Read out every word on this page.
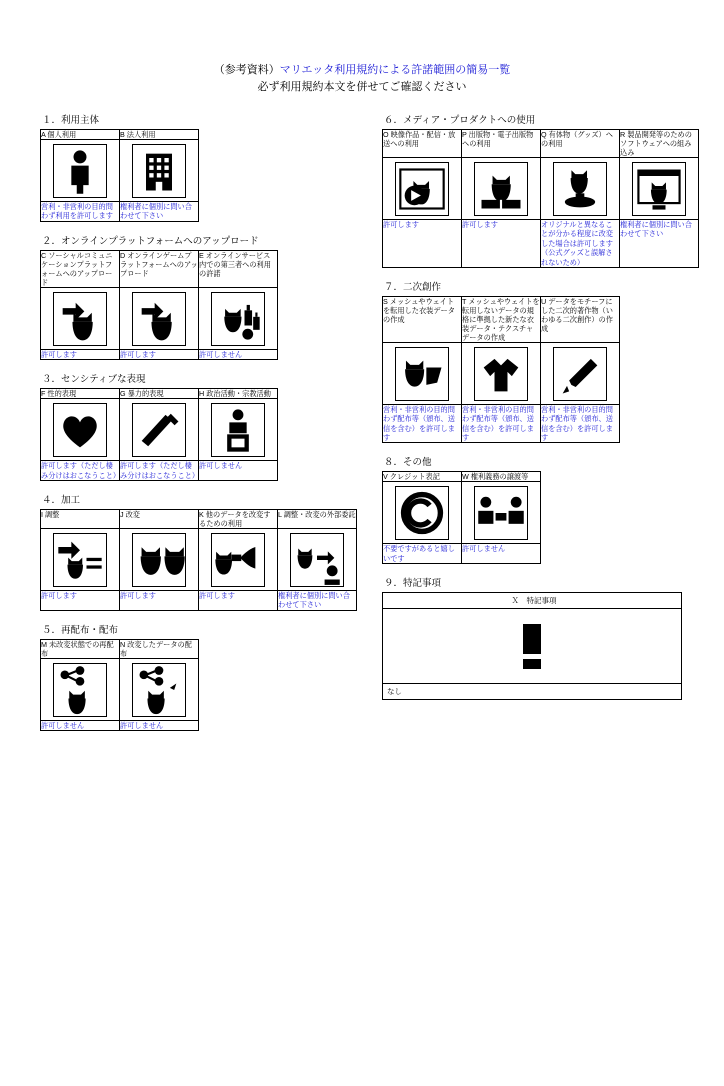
（参考資料）マリエッタ利用規約による許諾範囲の簡易一覧
必ず利用規約本文を併せてご確認ください
１．利用主体
A 個人利用	B 法人利用

営利・非営利の目的問わず利用を許可します	権利者に個別に問い合わせて下さい
２．オンラインプラットフォームへのアップロード
C ソーシャルコミュニケーションプラットフォームへのアップロード	D オンラインゲームプラットフォームへのアップロード	E オンラインサービス内での第三者への利用の許諾

許可します	許可します	許可しません
３．センシティブな表現
F 性的表現	G 暴力的表現	H 政治活動・宗教活動

許可します（ただし棲み分けはおこなうこと）	許可します（ただし棲み分けはおこなうこと）	許可しません
４．加工
I 調整	J 改変	K 他のデータを改変するための利用	L 調整・改変の外部委託

許可します	許可します	許可します	権利者に個別に問い合わせて下さい
５．再配布・配布
M 未改変状態での再配布	N 改変したデータの配布

許可しません	許可しません
６．メディア・プロダクトへの使用
O 映像作品・配信・放送への利用	P 出版物・電子出版物への利用	Q 有体物（グッズ）への利用	R 製品開発等のためのソフトウェアへの組み込み

許可します	許可します	オリジナルと異なることが分かる程度に改変した場合は許可します（公式グッズと誤解されないため）	権利者に個別に問い合わせて下さい
７．二次創作
S メッシュやウェイトを転用した衣装データの作成	T メッシュやウェイトを転用しないデータの規格に準拠した新たな衣装データ・テクスチャデータの作成	U データをモチーフにした二次的著作物（いわゆる二次創作）の作成

営利・非営利の目的問わず配布等（頒布、送信を含む）を許可します	営利・非営利の目的問わず配布等（頒布、送信を含む）を許可します	営利・非営利の目的問わず配布等（頒布、送信を含む）を許可します
８．その他
V クレジット表記	W 権利義務の譲渡等

不要ですがあると嬉しいです	許可しません
９．特記事項
Ｘ　特記事項
なし
